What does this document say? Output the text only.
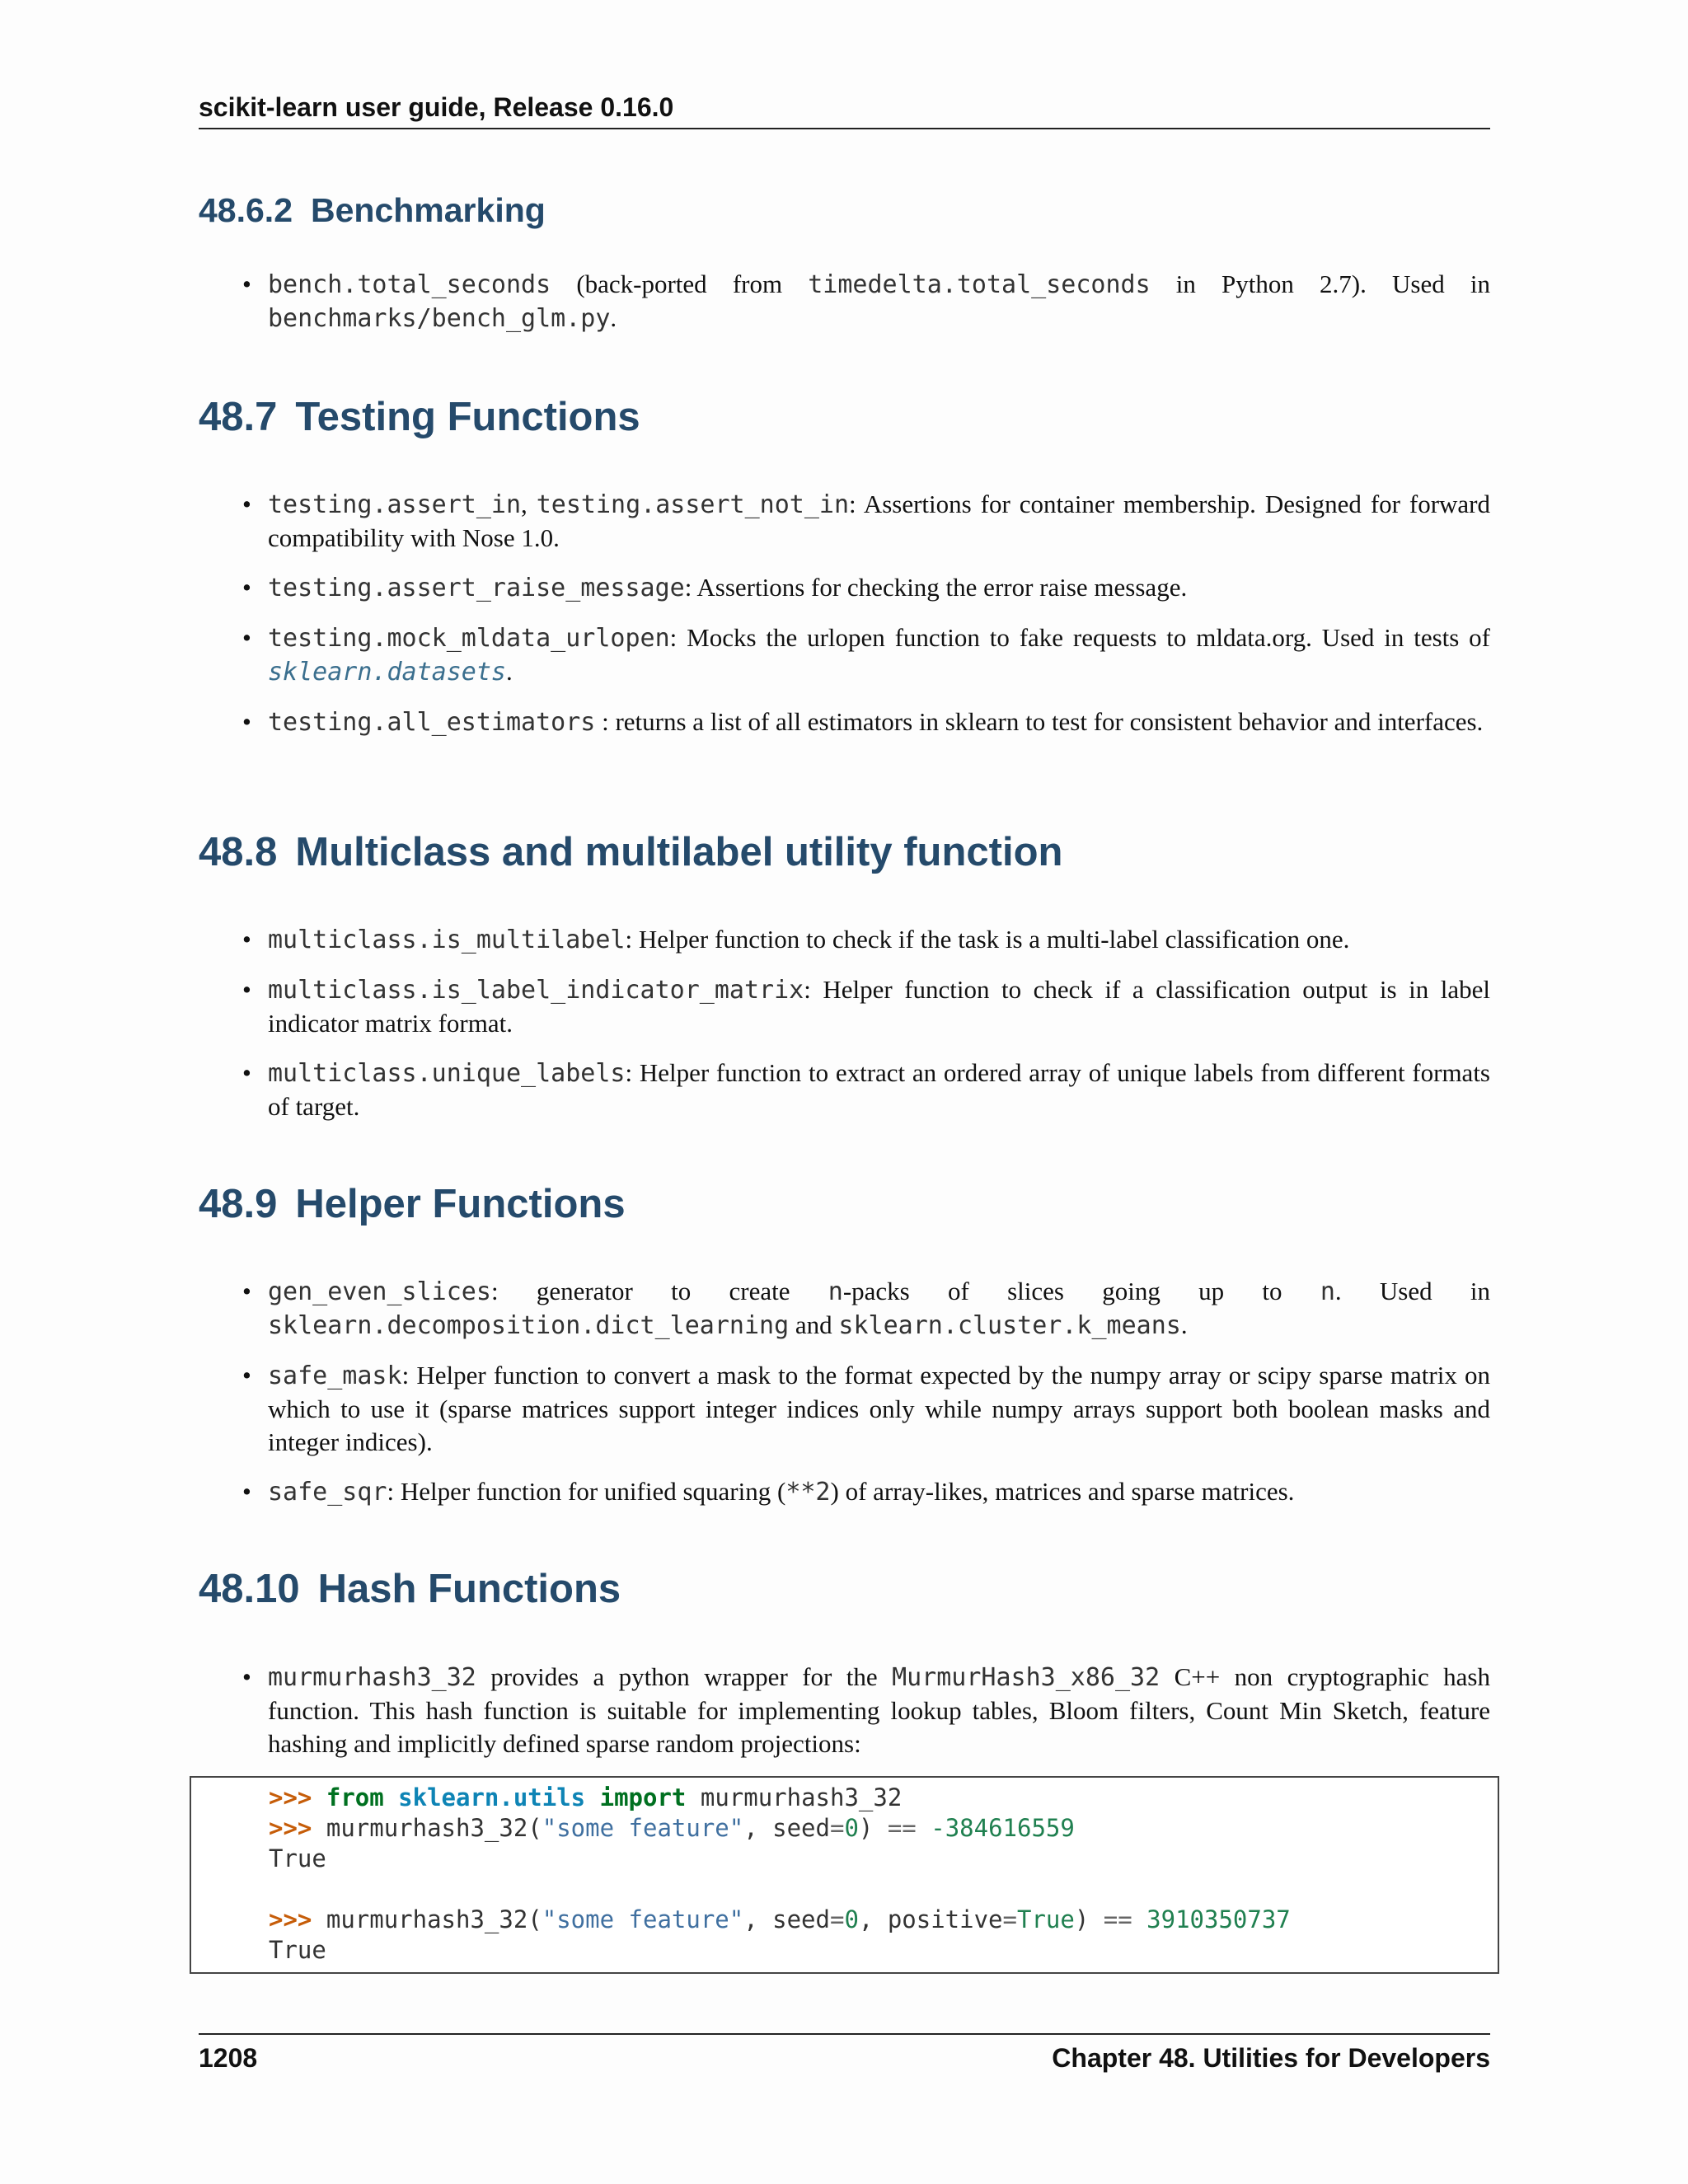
scikit-learn user guide, Release 0.16.0
48.6.2 Benchmarking
• bench.total_seconds (back-ported from timedelta.total_seconds in Python 2.7). Used in benchmarks/bench_glm.py.
48.7 Testing Functions
• testing.assert_in, testing.assert_not_in: Assertions for container membership. Designed for forward compatibility with Nose 1.0.
• testing.assert_raise_message: Assertions for checking the error raise message.
• testing.mock_mldata_urlopen: Mocks the urlopen function to fake requests to mldata.org. Used in tests of sklearn.datasets.
• testing.all_estimators : returns a list of all estimators in sklearn to test for consistent behavior and interfaces.
48.8 Multiclass and multilabel utility function
• multiclass.is_multilabel: Helper function to check if the task is a multi-label classification one.
• multiclass.is_label_indicator_matrix: Helper function to check if a classification output is in label indicator matrix format.
• multiclass.unique_labels: Helper function to extract an ordered array of unique labels from different formats of target.
48.9 Helper Functions
• gen_even_slices: generator to create n-packs of slices going up to n. Used in sklearn.decomposition.dict_learning and sklearn.cluster.k_means.
• safe_mask: Helper function to convert a mask to the format expected by the numpy array or scipy sparse matrix on which to use it (sparse matrices support integer indices only while numpy arrays support both boolean masks and integer indices).
• safe_sqr: Helper function for unified squaring (**2) of array-likes, matrices and sparse matrices.
48.10 Hash Functions
• murmurhash3_32 provides a python wrapper for the MurmurHash3_x86_32 C++ non cryptographic hash function. This hash function is suitable for implementing lookup tables, Bloom filters, Count Min Sketch, feature hashing and implicitly defined sparse random projections:
>>> from sklearn.utils import murmurhash3_32
>>> murmurhash3_32("some feature", seed=0) == -384616559
True

>>> murmurhash3_32("some feature", seed=0, positive=True) == 3910350737
True
1208	Chapter 48. Utilities for Developers
